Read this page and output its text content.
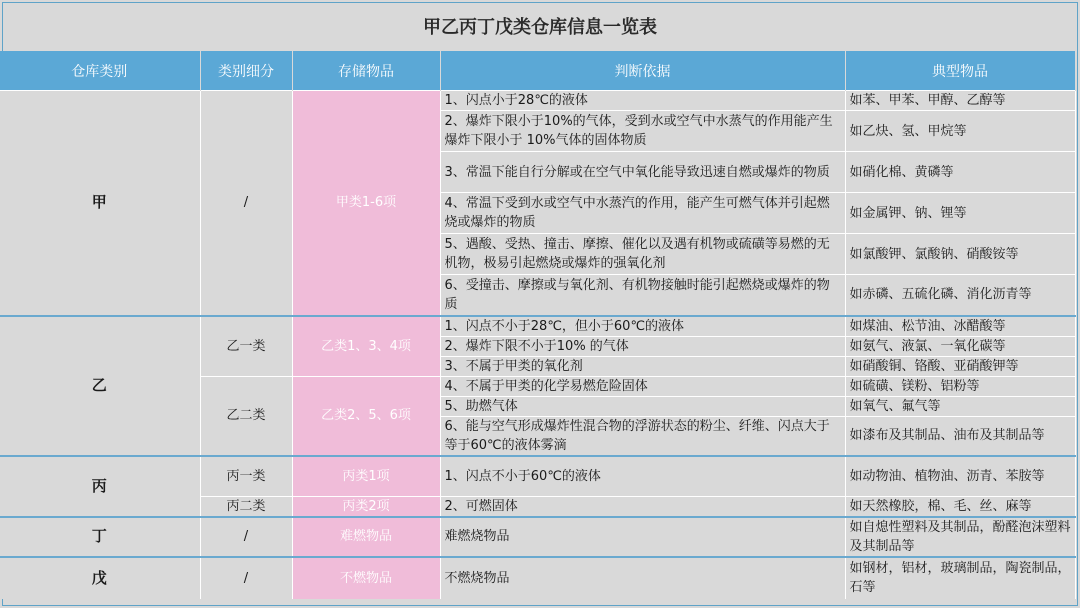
甲乙丙丁戊类仓库信息一览表
仓库类别	类别细分	存储物品	判断依据	典型物品
甲	/	甲类1-6项	1、闪点小于28℃的液体	如苯、甲苯、甲醇、乙醇等
			2、爆炸下限小于10%的气体，受到水或空气中水蒸气的作用能产生爆炸下限小于 10%气体的固体物质	如乙炔、氢、甲烷等
			3、常温下能自行分解或在空气中氧化能导致迅速自燃或爆炸的物质	如硝化棉、黄磷等
			4、常温下受到水或空气中水蒸汽的作用，能产生可燃气体并引起燃烧或爆炸的物质	如金属钾、钠、锂等
			5、遇酸、受热、撞击、摩擦、催化以及遇有机物或硫磺等易燃的无机物，极易引起燃烧或爆炸的强氧化剂	如氯酸钾、氯酸钠、硝酸铵等
			6、受撞击、摩擦或与氧化剂、有机物接触时能引起燃烧或爆炸的物质	如赤磷、五硫化磷、消化沥青等
乙	乙一类	乙类1、3、4项	1、闪点不小于28℃，但小于60℃的液体	如煤油、松节油、冰醋酸等
			2、爆炸下限不小于10% 的气体	如氨气、液氯、一氧化碳等
			3、不属于甲类的氧化剂	如硝酸铜、铬酸、亚硝酸钾等
	乙二类	乙类2、5、6项	4、不属于甲类的化学易燃危险固体	如硫磺、镁粉、铝粉等
			5、助燃气体	如氧气、氟气等
			6、能与空气形成爆炸性混合物的浮游状态的粉尘、纤维、闪点大于等于60℃的液体雾滴	如漆布及其制品、油布及其制品等
丙	丙一类	丙类1项	1、闪点不小于60℃的液体	如动物油、植物油、沥青、苯胺等
	丙二类	丙类2项	2、可燃固体	如天然橡胶，棉、毛、丝、麻等
丁	/	难燃物品	难燃烧物品	如自熄性塑料及其制品，酚醛泡沫塑料及其制品等
戊	/	不燃物品	不燃烧物品	如钢材，铝材，玻璃制品，陶瓷制品，石等
